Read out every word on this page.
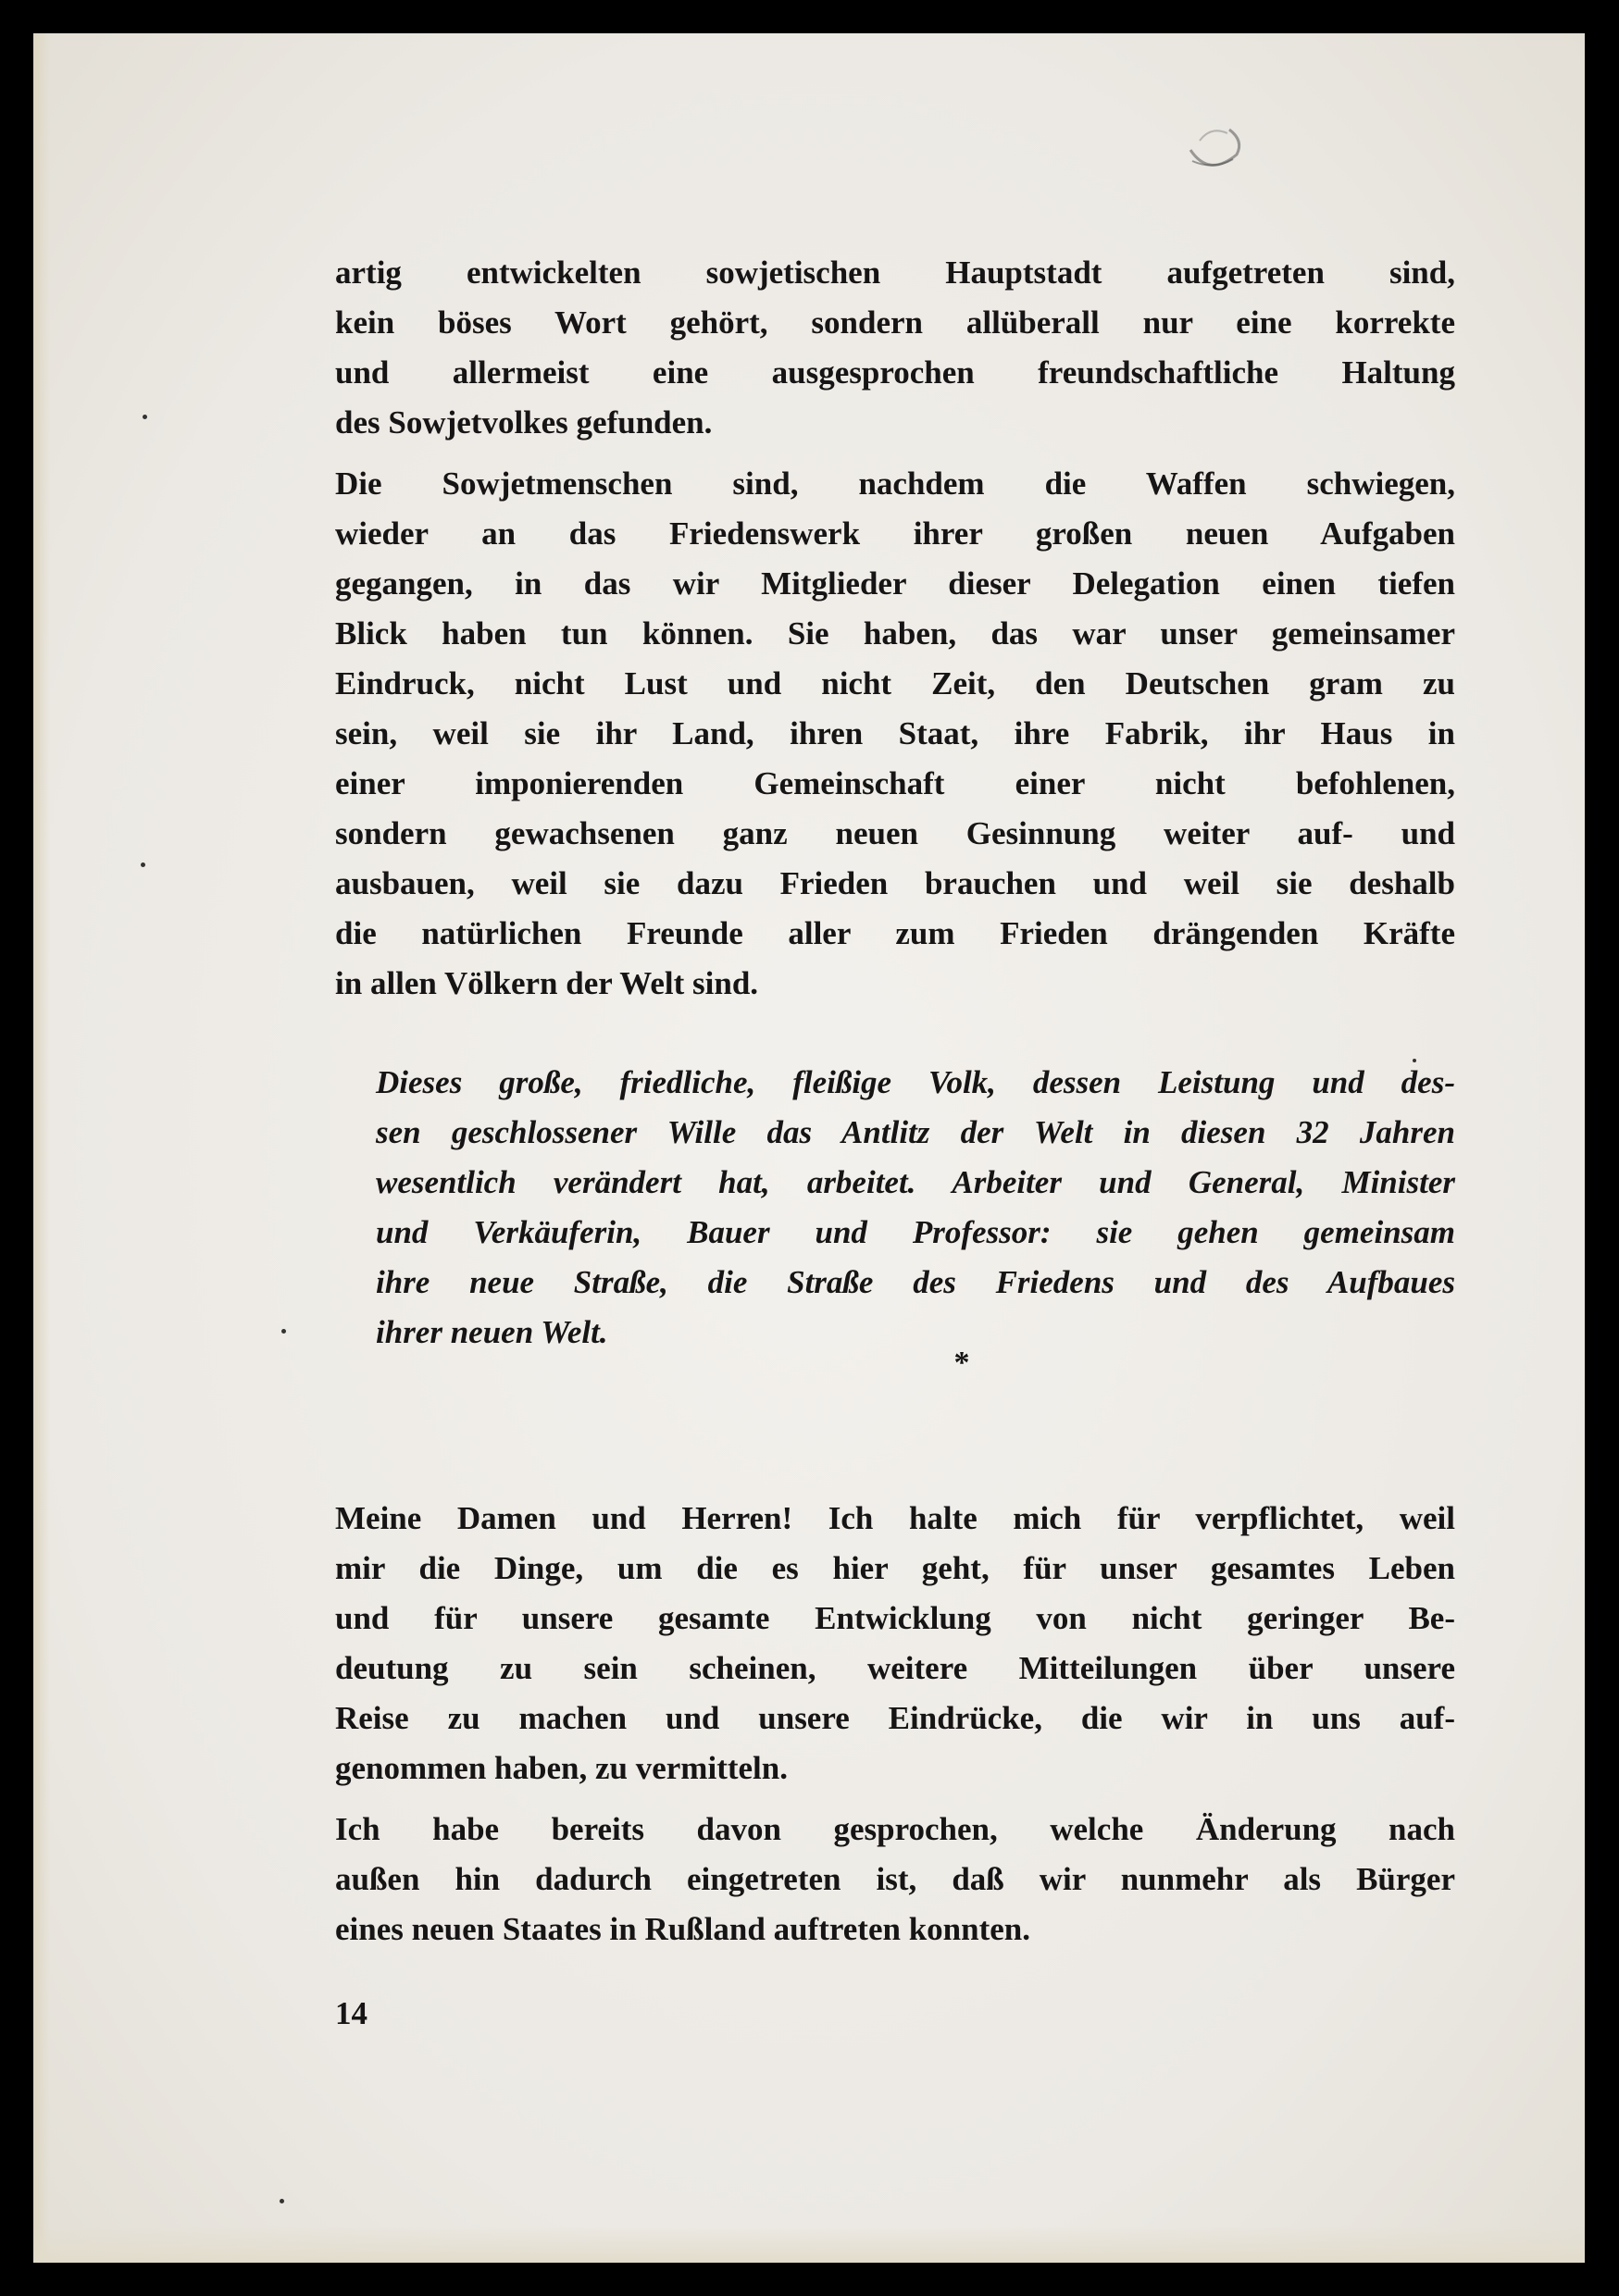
artig entwickelten sowjetischen Hauptstadt aufgetreten sind,
kein böses Wort gehört, sondern allüberall nur eine korrekte
und allermeist eine ausgesprochen freundschaftliche Haltung
des Sowjetvolkes gefunden.
Die Sowjetmenschen sind, nachdem die Waffen schwiegen,
wieder an das Friedenswerk ihrer großen neuen Aufgaben
gegangen, in das wir Mitglieder dieser Delegation einen tiefen
Blick haben tun können. Sie haben, das war unser gemeinsamer
Eindruck, nicht Lust und nicht Zeit, den Deutschen gram zu
sein, weil sie ihr Land, ihren Staat, ihre Fabrik, ihr Haus in
einer imponierenden Gemeinschaft einer nicht befohlenen,
sondern gewachsenen ganz neuen Gesinnung weiter auf- und
ausbauen, weil sie dazu Frieden brauchen und weil sie deshalb
die natürlichen Freunde aller zum Frieden drängenden Kräfte
in allen Völkern der Welt sind.
Dieses große, friedliche, fleißige Volk, dessen Leistung und des-
sen geschlossener Wille das Antlitz der Welt in diesen 32 Jahren
wesentlich verändert hat, arbeitet. Arbeiter und General, Minister
und Verkäuferin, Bauer und Professor: sie gehen gemeinsam
ihre neue Straße, die Straße des Friedens und des Aufbaues
ihrer neuen Welt.
*
Meine Damen und Herren! Ich halte mich für verpflichtet, weil
mir die Dinge, um die es hier geht, für unser gesamtes Leben
und für unsere gesamte Entwicklung von nicht geringer Be-
deutung zu sein scheinen, weitere Mitteilungen über unsere
Reise zu machen und unsere Eindrücke, die wir in uns auf-
genommen haben, zu vermitteln.
Ich habe bereits davon gesprochen, welche Änderung nach
außen hin dadurch eingetreten ist, daß wir nunmehr als Bürger
eines neuen Staates in Rußland auftreten konnten.
14
